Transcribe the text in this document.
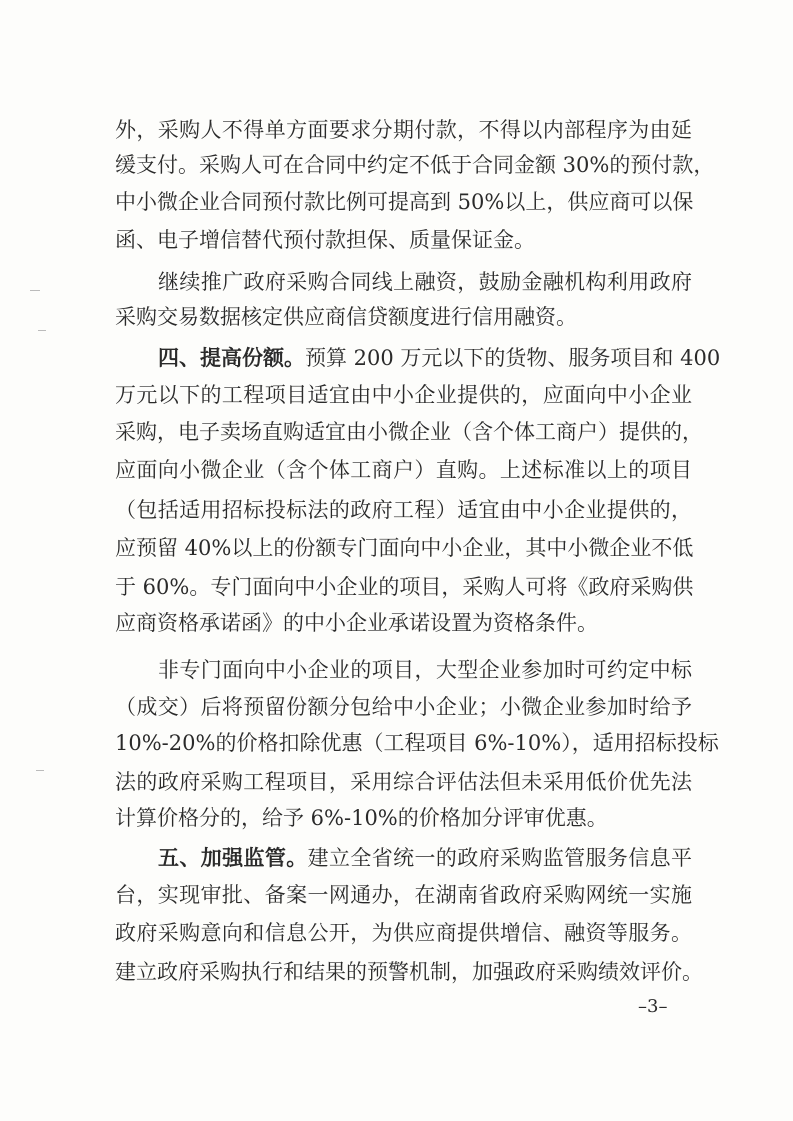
外，采购人不得单方面要求分期付款，不得以内部程序为由延
缓支付。采购人可在合同中约定不低于合同金额 30%的预付款，
中小微企业合同预付款比例可提高到 50%以上，供应商可以保
函、电子增信替代预付款担保、质量保证金。
继续推广政府采购合同线上融资，鼓励金融机构利用政府
采购交易数据核定供应商信贷额度进行信用融资。
四、提高份额。预算 200 万元以下的货物、服务项目和 400
万元以下的工程项目适宜由中小企业提供的，应面向中小企业
采购，电子卖场直购适宜由小微企业（含个体工商户）提供的，
应面向小微企业（含个体工商户）直购。上述标准以上的项目
（包括适用招标投标法的政府工程）适宜由中小企业提供的，
应预留 40%以上的份额专门面向中小企业，其中小微企业不低
于 60%。专门面向中小企业的项目，采购人可将《政府采购供
应商资格承诺函》的中小企业承诺设置为资格条件。
非专门面向中小企业的项目，大型企业参加时可约定中标
（成交）后将预留份额分包给中小企业；小微企业参加时给予
10%-20%的价格扣除优惠（工程项目 6%-10%），适用招标投标
法的政府采购工程项目，采用综合评估法但未采用低价优先法
计算价格分的，给予 6%-10%的价格加分评审优惠。
五、加强监管。建立全省统一的政府采购监管服务信息平
台，实现审批、备案一网通办，在湖南省政府采购网统一实施
政府采购意向和信息公开，为供应商提供增信、融资等服务。
建立政府采购执行和结果的预警机制，加强政府采购绩效评价。
–3–
